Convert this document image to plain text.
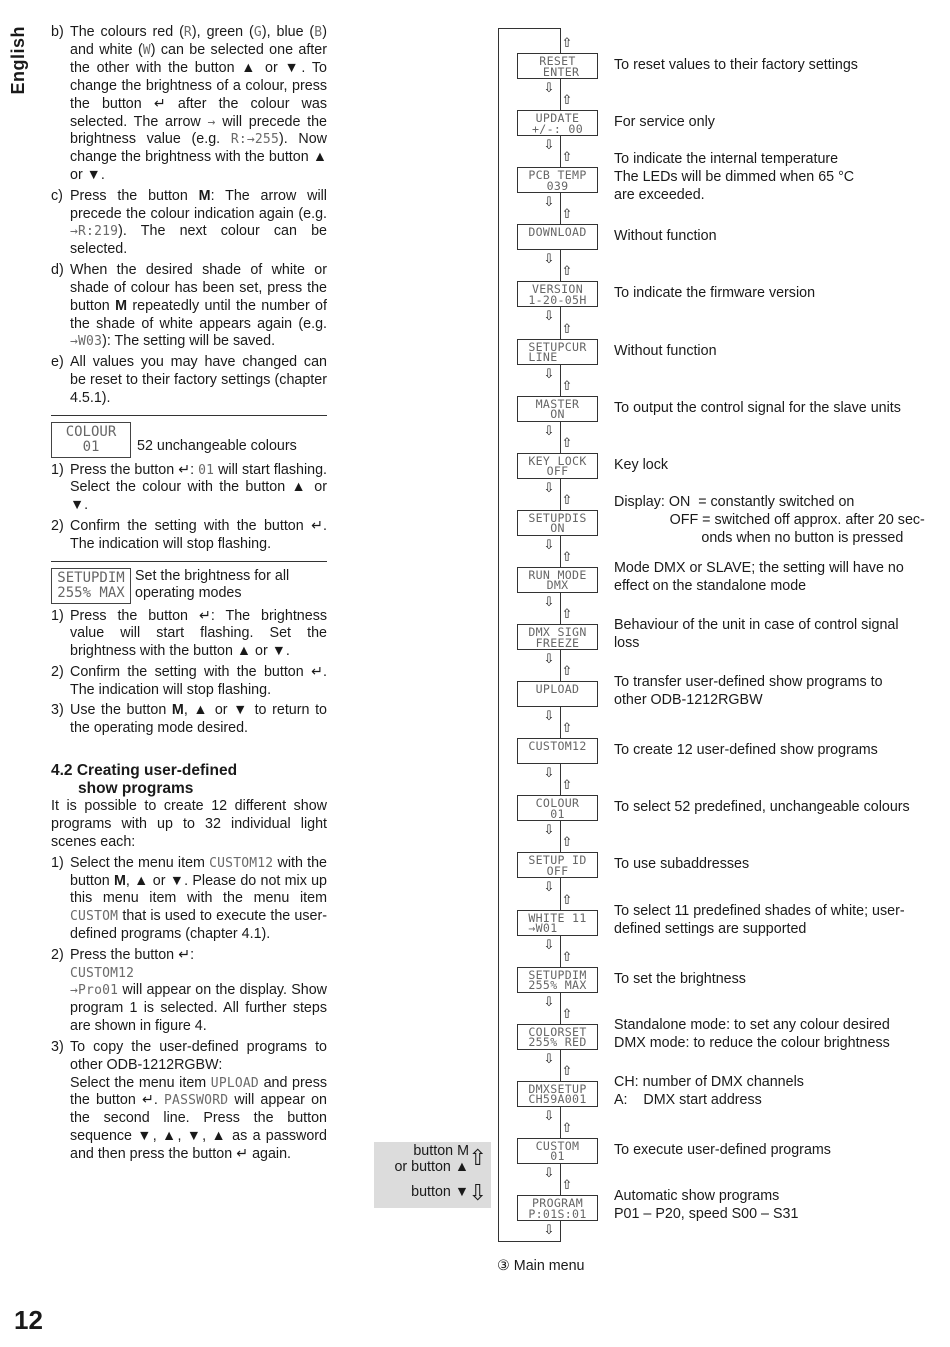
English
12
b) The colours red (R), green (G), blue (B) and white (W) can be selected one after the other with the button ▲ or ▼. To change the brightness of a colour, press the button ↵ after the colour was selected. The arrow → will precede the brightness value (e.g. R:→255). Now change the brightness with the button ▲ or ▼.
c) Press the button M: The arrow will precede the colour indication again (e.g. →R:219). The next colour can be selected.
d) When the desired shade of white or shade of colour has been set, press the button M repeatedly until the number of the shade of white appears again (e.g. →W03): The setting will be saved.
e) All values you may have changed can be reset to their factory settings (chapter 4.5.1).
COLOUR
01	52 unchangeable colours
1) Press the button ↵: 01 will start flashing. Select the colour with the button ▲ or ▼.
2) Confirm the setting with the button ↵. The indication will stop flashing.
SETUPDIM
255% MAX
Set the brightness for all operating modes
1) Press the button ↵: The brightness value will start flashing. Set the brightness with the button ▲ or ▼.
2) Confirm the setting with the button ↵. The indication will stop flashing.
3) Use the button M, ▲ or ▼ to return to the operating mode desired.
4.2 Creating user-defined
show programs

It is possible to create 12 different show programs with up to 32 individual light scenes each:

1) Select the menu item CUSTOM12 with the button M, ▲ or ▼. Please do not mix up this menu item with the menu item CUSTOM that is used to execute the user-defined programs (chapter 4.1).
2) Press the button ↵:
CUSTOM12
→Pro01 will appear on the display. Show program 1 is selected. All further steps are shown in figure 4.
3) To copy the user-defined programs to other ODB-1212RGBW:
Select the menu item UPLOAD and press the button ↵. PASSWORD will appear on the second line. Press the button sequence ▼, ▲, ▼, ▲ as a password and then press the button ↵ again.
RESET
ENTER
⇧
⇩
To reset values to their factory settings
UPDATE
+/-: 00
⇧
⇩
For service only
PCB TEMP
039
⇧
⇩
To indicate the internal temperature
The LEDs will be dimmed when 65 °C
are exceeded.
DOWNLOAD
⇧
⇩
Without function
VERSION
1-20-05H
⇧
⇩
To indicate the firmware version
SETUPCUR
LINE
⇧
⇩
Without function
MASTER
ON
⇧
⇩
To output the control signal for the slave units
KEY LOCK
OFF
⇧
⇩
Key lock
SETUPDIS
ON
⇧
⇩
Display: ON  = constantly switched on
OFF = switched off approx. after 20 sec-
onds when no button is pressed
RUN MODE
DMX
⇧
⇩
Mode DMX or SLAVE; the setting will have no
effect on the standalone mode
DMX SIGN
FREEZE
⇧
⇩
Behaviour of the unit in case of control signal
loss
UPLOAD
⇧
⇩
To transfer user-defined show programs to
other ODB-1212RGBW
CUSTOM12
⇧
⇩
To create 12 user-defined show programs
COLOUR
01
⇧
⇩
To select 52 predefined, unchangeable colours
SETUP ID
OFF
⇧
⇩
To use subaddresses
WHITE 11
→W01
⇧
⇩
To select 11 predefined shades of white; user-
defined settings are supported
SETUPDIM
255% MAX
⇧
⇩
To set the brightness
COLORSET
255% RED
⇧
⇩
Standalone mode: to set any colour desired
DMX mode: to reduce the colour brightness
DMXSETUP
CH59A001
⇧
⇩
CH: number of DMX channels
A:    DMX start address
CUSTOM
01
⇧
⇩
To execute user-defined programs
PROGRAM
P:01S:01
⇧
⇩
Automatic show programs
P01 – P20, speed S00 – S31
button M
or button ▲ ⇧
button ▼ ⇩
③ Main menu
